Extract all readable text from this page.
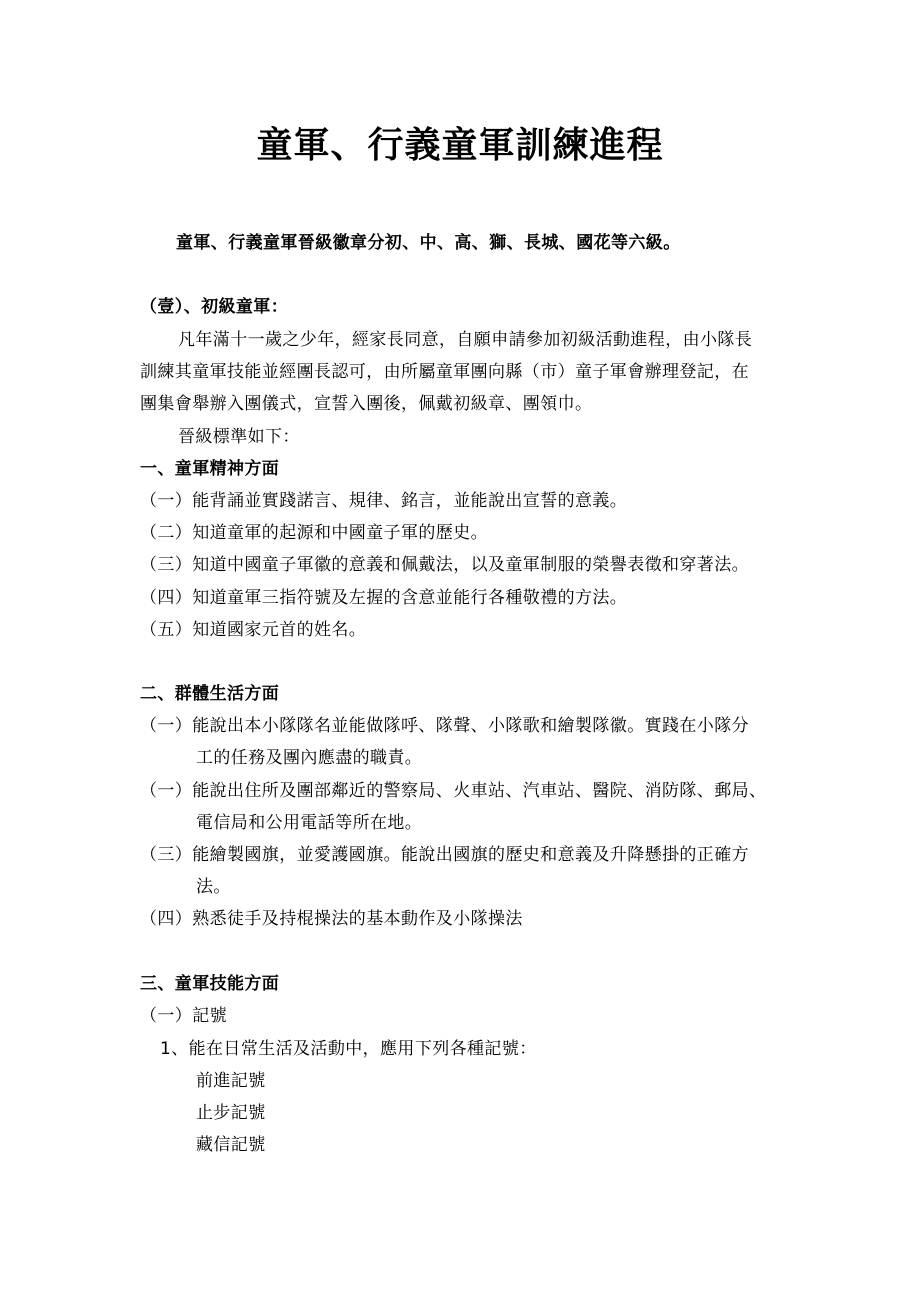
童軍、行義童軍訓練進程
童軍、行義童軍晉級徽章分初、中、高、獅、長城、國花等六級。
（壹）、初級童軍：
凡年滿十一歲之少年，經家長同意，自願申請參加初級活動進程，由小隊長
訓練其童軍技能並經團長認可，由所屬童軍團向縣（市）童子軍會辦理登記，在
團集會舉辦入團儀式，宣誓入團後，佩戴初級章、團領巾。
晉級標準如下：
一、童軍精神方面
（一）能背誦並實踐諾言、規律、銘言，並能說出宣誓的意義。
（二）知道童軍的起源和中國童子軍的歷史。
（三）知道中國童子軍徽的意義和佩戴法，以及童軍制服的榮譽表徵和穿著法。
（四）知道童軍三指符號及左握的含意並能行各種敬禮的方法。
（五）知道國家元首的姓名。
二、群體生活方面
（一）能說出本小隊隊名並能做隊呼、隊聲、小隊歌和繪製隊徽。實踐在小隊分
工的任務及團內應盡的職責。
（一）能說出住所及團部鄰近的警察局、火車站、汽車站、醫院、消防隊、郵局、
電信局和公用電話等所在地。
（三）能繪製國旗，並愛護國旗。能說出國旗的歷史和意義及升降懸掛的正確方
法。
（四）熟悉徒手及持棍操法的基本動作及小隊操法
三、童軍技能方面
（一）記號
1、能在日常生活及活動中，應用下列各種記號：
前進記號
止步記號
藏信記號
